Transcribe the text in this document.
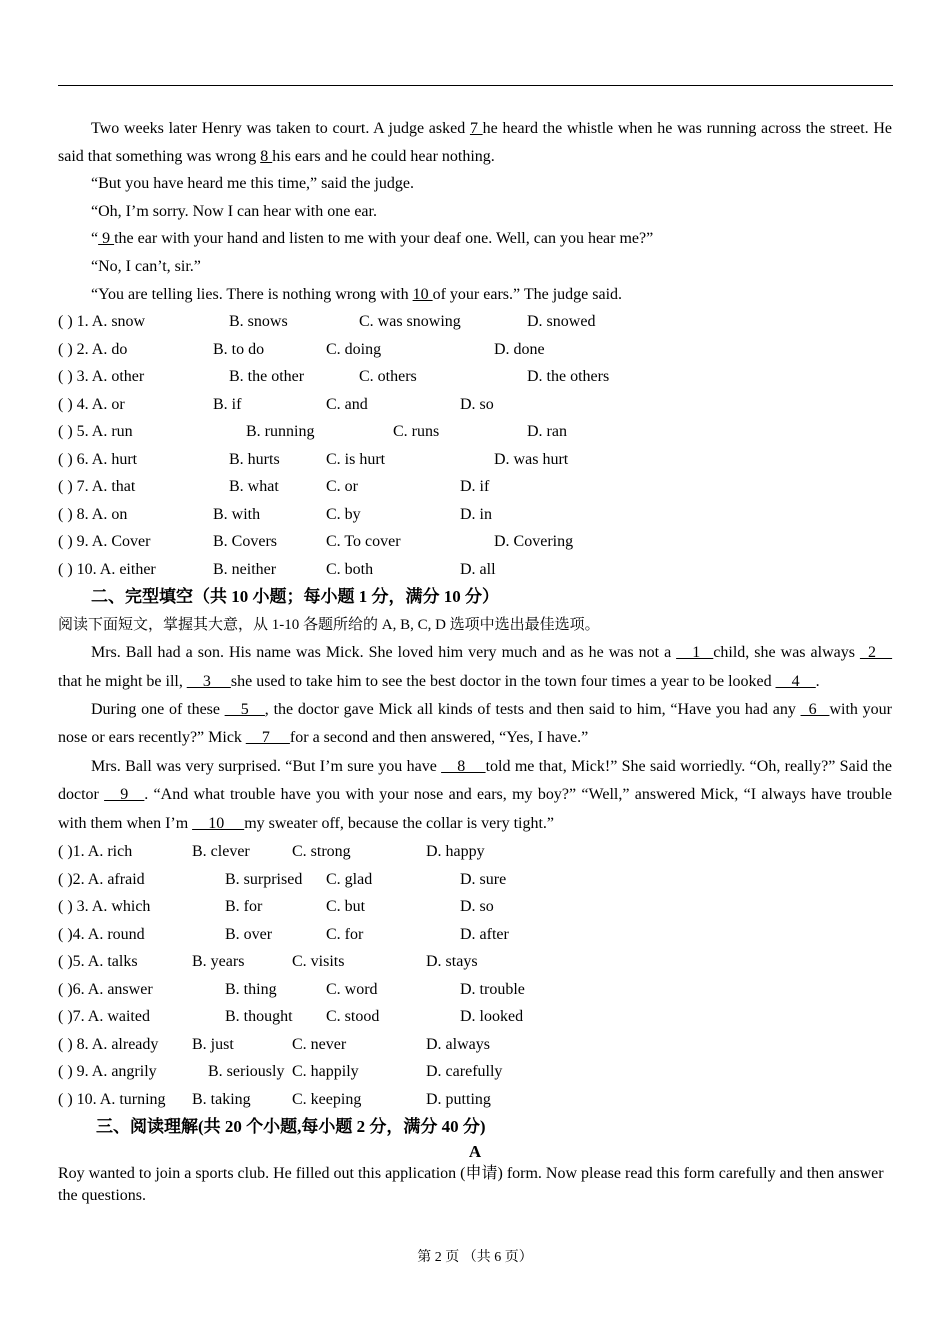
Two weeks later Henry was taken to court. A judge asked 7 he heard the whistle when he was running across the street. He said that something was wrong 8 his ears and he could hear nothing.

“But you have heard me this time,” said the judge.

“Oh, I’m sorry. Now I can hear with one ear.

“ 9 the ear with your hand and listen to me with your deaf one. Well, can you hear me?”

“No, I can’t, sir.”

“You are telling lies. There is nothing wrong with 10 of your ears.” The judge said.

( ) 1. A. snow	B. snows	C. was snowing	D. snowed
( ) 2. A. do	B. to do	C. doing	D. done
( ) 3. A. other	B. the other	C. others	D. the others
( ) 4. A. or	B. if	C. and	D. so
( ) 5. A. run	B. running	C. runs	D. ran
( ) 6. A. hurt	B. hurts	C. is hurt	D. was hurt
( ) 7. A. that	B. what	C. or	D. if
( ) 8. A. on	B. with	C. by	D. in
( ) 9. A. Cover	B. Covers	C. To cover	D. Covering
( ) 10. A. either	B. neither	C. both	D. all
二、完型填空（共 10 小题；每小题 1 分，满分 10 分）
阅读下面短文，掌握其大意，从 1-10 各题所给的 A, B, C, D 选项中选出最佳选项。

Mrs. Ball had a son. His name was Mick. She loved him very much and as he was not a __1_ child, she was always _2__ that he might be ill, __3__ she used to take him to see the best doctor in the town four times a year to be looked __4__.

During one of these __5__, the doctor gave Mick all kinds of tests and then said to him, “Have you had any _6_ with your nose or ears recently?” Mick __7__ for a second and then answered, “Yes, I have.”

Mrs. Ball was very surprised. “But I’m sure you have __8__ told me that, Mick!” She said worriedly. “Oh, really?” Said the doctor __9__. “And what trouble have you with your nose and ears, my boy?” “Well,” answered Mick, “I always have trouble with them when I’m __10__ my sweater off, because the collar is very tight.”

( )1. A. rich	B. clever	C. strong	D. happy
( )2. A. afraid	B. surprised C. glad	D. sure
( ) 3. A. which	B. for	C. but	D. so
( )4. A. round	B. over	C. for	D. after
( )5. A. talks	B. years	C. visits	D. stays
( )6. A. answer	B. thing	C. word	D. trouble
( )7. A. waited	B. thought C. stood	D. looked
( ) 8. A. already B. just	C. never	D. always
( ) 9. A. angrily	B. seriously C. happily	D. carefully
( ) 10. A. turning B. taking	C. keeping	D. putting
三、阅读理解(共 20 个小题,每小题 2 分，满分 40 分)
A

Roy wanted to join a sports club. He filled out this application (申请) form. Now please read this form carefully and then answer the questions.

第 2 页 （共 6 页）
